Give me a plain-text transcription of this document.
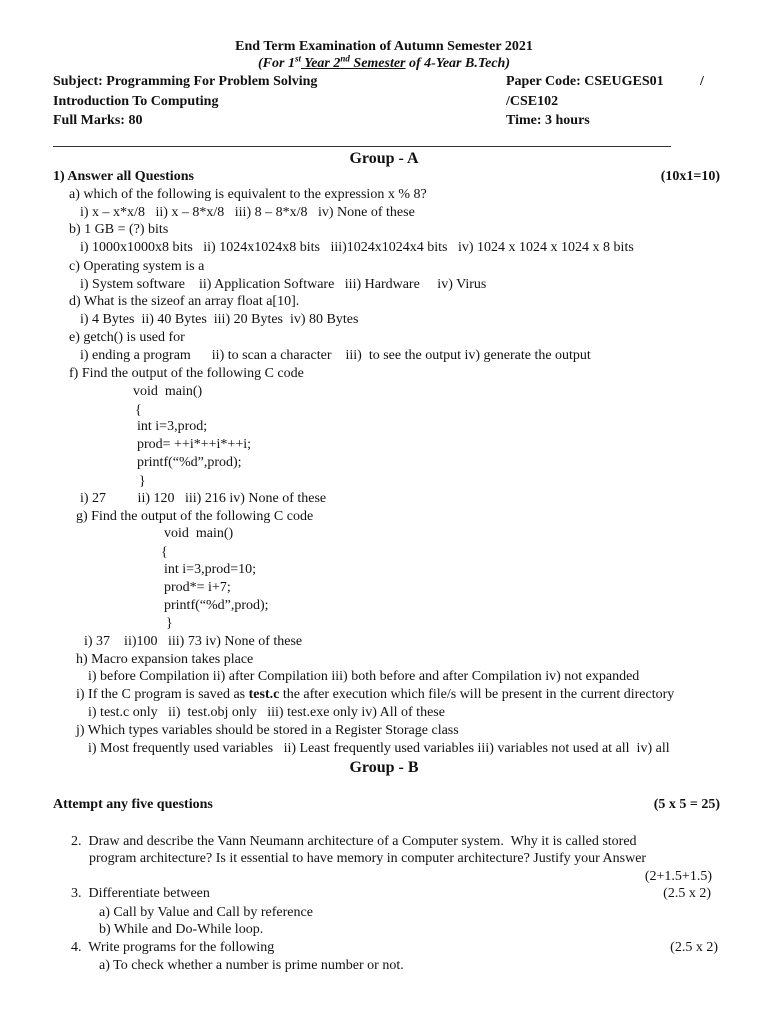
End Term Examination of Autumn Semester 2021
(For 1st Year 2nd Semester of 4-Year B.Tech)
Subject: Programming For Problem Solving	Paper Code: CSEUGES01	/
Introduction To Computing	/CSE102
Full Marks: 80	Time: 3 hours
Group - A
1) Answer all Questions	(10x1=10)
a) which of the following is equivalent to the expression x % 8?
i) x – x*x/8   ii) x – 8*x/8   iii) 8 – 8*x/8   iv) None of these
b) 1 GB = (?) bits
i) 1000x1000x8 bits   ii) 1024x1024x8 bits   iii)1024x1024x4 bits   iv) 1024 x 1024 x 1024 x 8 bits
c) Operating system is a
i) System software    ii) Application Software   iii) Hardware     iv) Virus
d) What is the sizeof an array float a[10].
i) 4 Bytes  ii) 40 Bytes  iii) 20 Bytes  iv) 80 Bytes
e) getch() is used for
i) ending a program      ii) to scan a character    iii)  to see the output iv) generate the output
f) Find the output of the following C code
void  main()
{
int i=3,prod;
prod= ++i*++i*++i;
printf(“%d”,prod);
}
i) 27         ii) 120   iii) 216 iv) None of these
g) Find the output of the following C code
void  main()
{
int i=3,prod=10;
prod*= i+7;
printf(“%d”,prod);
}
i) 37    ii)100   iii) 73 iv) None of these
h) Macro expansion takes place
i) before Compilation ii) after Compilation iii) both before and after Compilation iv) not expanded
i) If the C program is saved as test.c the after execution which file/s will be present in the current directory
i) test.c only   ii)  test.obj only   iii) test.exe only iv) All of these
j) Which types variables should be stored in a Register Storage class
i) Most frequently used variables   ii) Least frequently used variables iii) variables not used at all  iv) all
Group - B
Attempt any five questions	(5 x 5 = 25)
2.  Draw and describe the Vann Neumann architecture of a Computer system.  Why it is called stored
program architecture? Is it essential to have memory in computer architecture? Justify your Answer
(2+1.5+1.5)
3.  Differentiate between	(2.5 x 2)
a) Call by Value and Call by reference
b) While and Do-While loop.
4.  Write programs for the following	(2.5 x 2)
a) To check whether a number is prime number or not.
